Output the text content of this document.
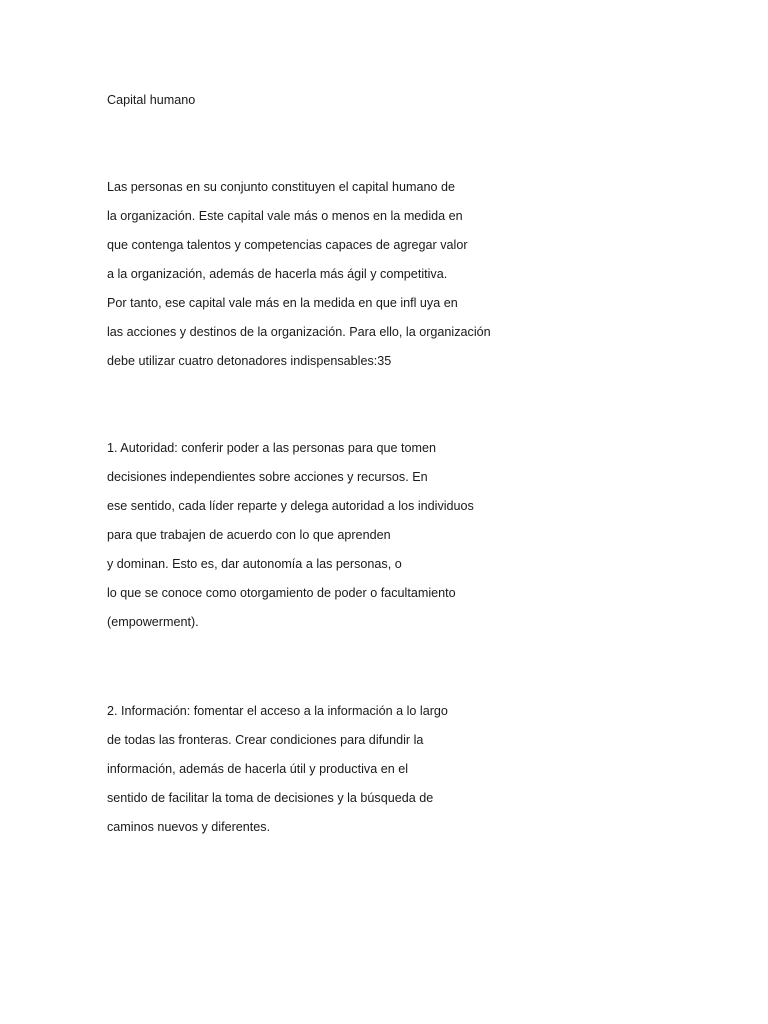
Capital humano

Las personas en su conjunto constituyen el capital humano de

la organización. Este capital vale más o menos en la medida en

que contenga talentos y competencias capaces de agregar valor

a la organización, además de hacerla más ágil y competitiva.

Por tanto, ese capital vale más en la medida en que infl uya en

las acciones y destinos de la organización. Para ello, la organización

debe utilizar cuatro detonadores indispensables:35

1. Autoridad: conferir poder a las personas para que tomen

decisiones independientes sobre acciones y recursos. En

ese sentido, cada líder reparte y delega autoridad a los individuos

para que trabajen de acuerdo con lo que aprenden

y dominan. Esto es, dar autonomía a las personas, o

lo que se conoce como otorgamiento de poder o facultamiento

(empowerment).

2. Información: fomentar el acceso a la información a lo largo

de todas las fronteras. Crear condiciones para difundir la

información, además de hacerla útil y productiva en el

sentido de facilitar la toma de decisiones y la búsqueda de

caminos nuevos y diferentes.
